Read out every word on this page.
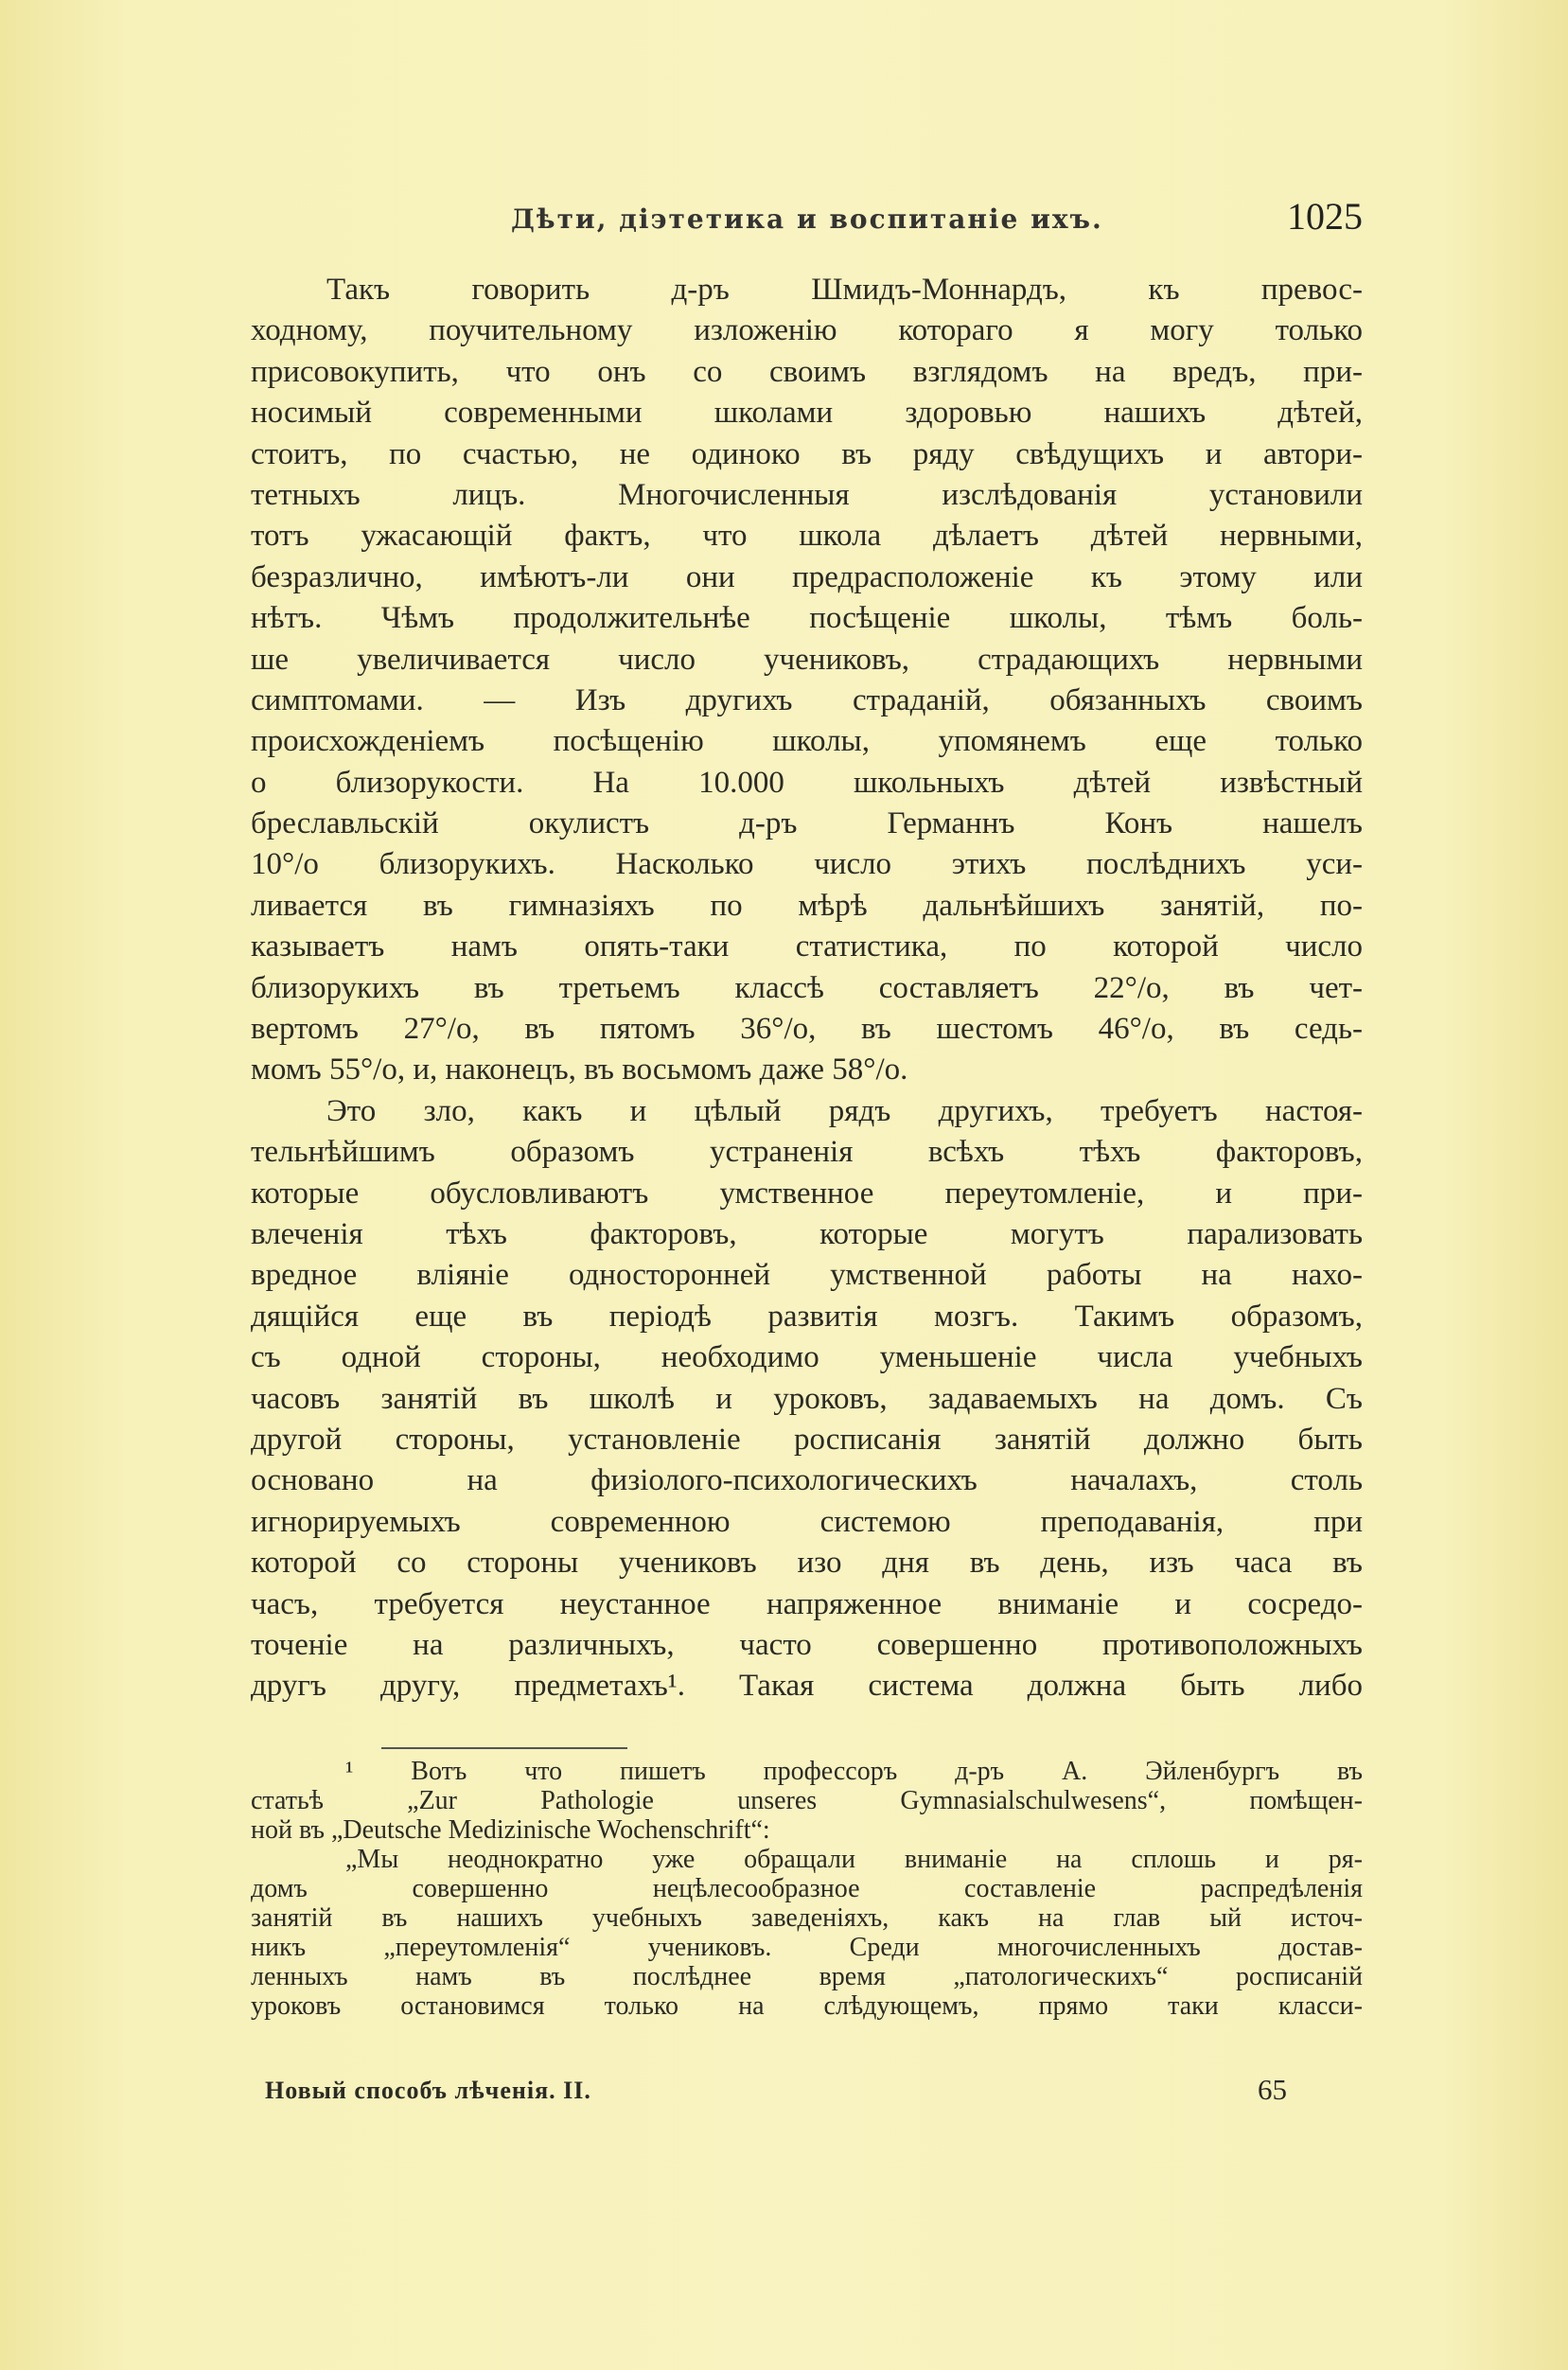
Дѣти, діэтетика и воспитаніе ихъ.	1025
Такъ говорить д-ръ Шмидъ-Моннардъ, къ превос-
ходному, поучительному изложенію котораго я могу только
присовокупить, что онъ со своимъ взглядомъ на вредъ, при-
носимый современными школами здоровью нашихъ дѣтей,
стоитъ, по счастью, не одиноко въ ряду свѣдущихъ и автори-
тетныхъ лицъ. Многочисленныя изслѣдованія установили
тотъ ужасающій фактъ, что школа дѣлаетъ дѣтей нервными,
безразлично, имѣютъ-ли они предрасположеніе къ этому или
нѣтъ. Чѣмъ продолжительнѣе посѣщеніе школы, тѣмъ боль-
ше увеличивается число учениковъ, страдающихъ нервными
симптомами. — Изъ другихъ страданій, обязанныхъ своимъ
происхожденіемъ посѣщенію школы, упомянемъ еще только
о близорукости. На 10.000 школьныхъ дѣтей извѣстный
бреславльскій окулистъ д-ръ Германнъ Конъ нашелъ
10°/о близорукихъ. Насколько число этихъ послѣднихъ уси-
ливается въ гимназіяхъ по мѣрѣ дальнѣйшихъ занятій, по-
казываетъ намъ опять-таки статистика, по которой число
близорукихъ въ третьемъ классѣ составляетъ 22°/о, въ чет-
вертомъ 27°/о, въ пятомъ 36°/о, въ шестомъ 46°/о, въ седь-
момъ 55°/о, и, наконецъ, въ восьмомъ даже 58°/о.
Это зло, какъ и цѣлый рядъ другихъ, требуетъ настоя-
тельнѣйшимъ образомъ устраненія всѣхъ тѣхъ факторовъ,
которые обусловливаютъ умственное переутомленіе, и при-
влеченія тѣхъ факторовъ, которые могутъ парализовать
вредное вліяніе односторонней умственной работы на нахо-
дящійся еще въ періодѣ развитія мозгъ. Такимъ образомъ,
съ одной стороны, необходимо уменьшеніе числа учебныхъ
часовъ занятій въ школѣ и уроковъ, задаваемыхъ на домъ. Съ
другой стороны, установленіе росписанія занятій должно быть
основано на физіолого-психологическихъ началахъ, столь
игнорируемыхъ современною системою преподаванія, при
которой со стороны учениковъ изо дня въ день, изъ часа въ
часъ, требуется неустанное напряженное вниманіе и сосредо-
точеніе на различныхъ, часто совершенно противоположныхъ
другъ другу, предметахъ¹. Такая система должна быть либо
¹ Вотъ что пишетъ профессоръ д-ръ А. Эйленбургъ въ
статьѣ „Zur Pathologie unseres Gymnasialschulwesens“, помѣщен-
ной въ „Deutsche Medizinische Wochenschrift“:
„Мы неоднократно уже обращали вниманіе на сплошь и ря-
домъ совершенно нецѣлесообразное составленіе распредѣленія
занятій въ нашихъ учебныхъ заведеніяхъ, какъ на глав ый источ-
никъ „переутомленія“ учениковъ. Среди многочисленныхъ достав-
ленныхъ намъ въ послѣднее время „патологическихъ“ росписаній
уроковъ остановимся только на слѣдующемъ, прямо таки класси-
Новый способъ лѣченія. II.	65
